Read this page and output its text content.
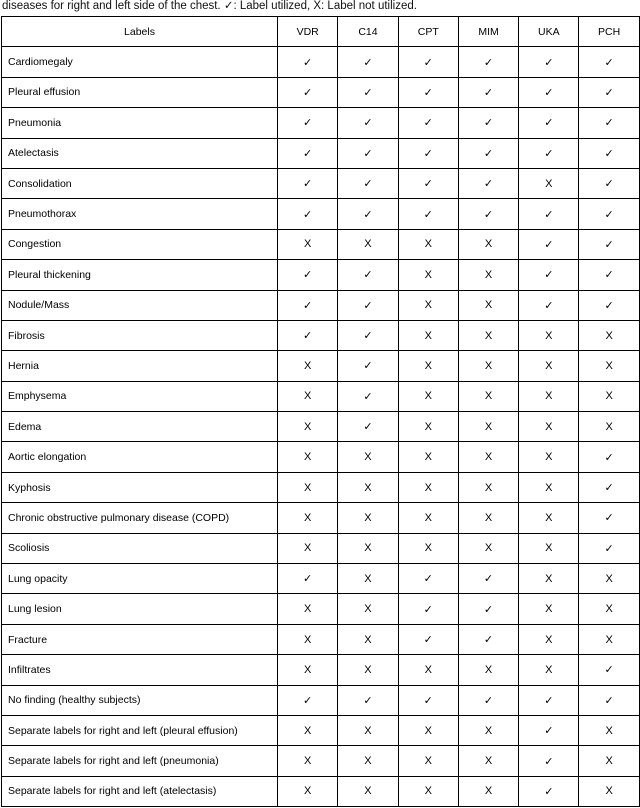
diseases for right and left side of the chest. ✓: Label utilized, X: Label not utilized.
Labels	VDR	C14	CPT	MIM	UKA	PCH
Cardiomegaly	✓	✓	✓	✓	✓	✓
Pleural effusion	✓	✓	✓	✓	✓	✓
Pneumonia	✓	✓	✓	✓	✓	✓
Atelectasis	✓	✓	✓	✓	✓	✓
Consolidation	✓	✓	✓	✓	X	✓
Pneumothorax	✓	✓	✓	✓	✓	✓
Congestion	X	X	X	X	✓	✓
Pleural thickening	✓	✓	X	X	✓	✓
Nodule/Mass	✓	✓	X	X	✓	✓
Fibrosis	✓	✓	X	X	X	X
Hernia	X	✓	X	X	X	X
Emphysema	X	✓	X	X	X	X
Edema	X	✓	X	X	X	X
Aortic elongation	X	X	X	X	X	✓
Kyphosis	X	X	X	X	X	✓
Chronic obstructive pulmonary disease (COPD)	X	X	X	X	X	✓
Scoliosis	X	X	X	X	X	✓
Lung opacity	✓	X	✓	✓	X	X
Lung lesion	X	X	✓	✓	X	X
Fracture	X	X	✓	✓	X	X
Infiltrates	X	X	X	X	X	✓
No finding (healthy subjects)	✓	✓	✓	✓	✓	✓
Separate labels for right and left (pleural effusion)	X	X	X	X	✓	X
Separate labels for right and left (pneumonia)	X	X	X	X	✓	X
Separate labels for right and left (atelectasis)	X	X	X	X	✓	X
